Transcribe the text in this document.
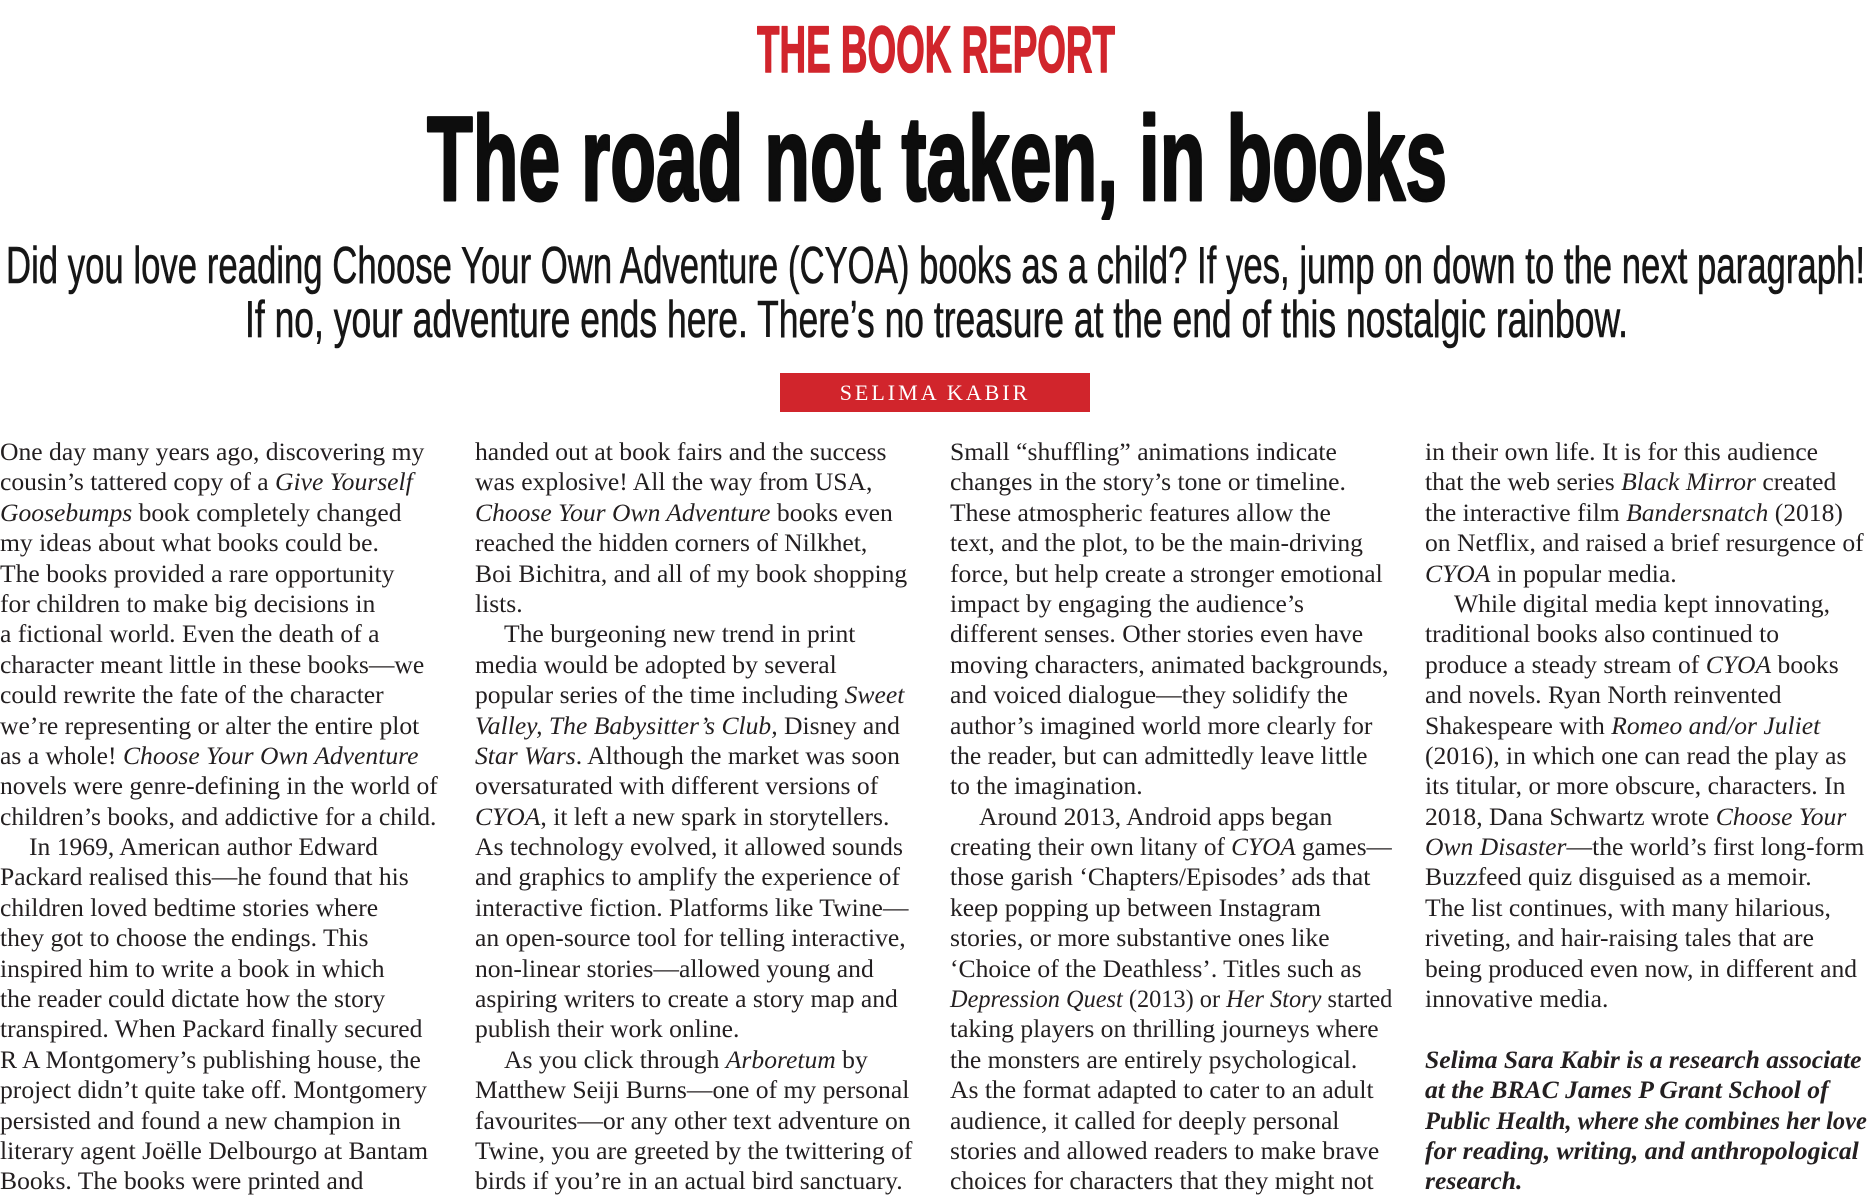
THE BOOK REPORT
The road not taken, in books
Did you love reading Choose Your Own Adventure (CYOA) books as a child? If yes, jump on down to the next paragraph!
If no, your adventure ends here. There’s no treasure at the end of this nostalgic rainbow.
SELIMA KABIR
One day many years ago, discovering my
cousin’s tattered copy of a Give Yourself
Goosebumps book completely changed
my ideas about what books could be.
The books provided a rare opportunity
for children to make big decisions in
a fictional world. Even the death of a
character meant little in these books—we
could rewrite the fate of the character
we’re representing or alter the entire plot
as a whole! Choose Your Own Adventure
novels were genre-defining in the world of
children’s books, and addictive for a child.
In 1969, American author Edward
Packard realised this—he found that his
children loved bedtime stories where
they got to choose the endings. This
inspired him to write a book in which
the reader could dictate how the story
transpired. When Packard finally secured
R A Montgomery’s publishing house, the
project didn’t quite take off. Montgomery
persisted and found a new champion in
literary agent Joëlle Delbourgo at Bantam
Books. The books were printed and
handed out at book fairs and the success
was explosive! All the way from USA,
Choose Your Own Adventure books even
reached the hidden corners of Nilkhet,
Boi Bichitra, and all of my book shopping
lists.
The burgeoning new trend in print
media would be adopted by several
popular series of the time including Sweet
Valley, The Babysitter’s Club, Disney and
Star Wars. Although the market was soon
oversaturated with different versions of
CYOA, it left a new spark in storytellers.
As technology evolved, it allowed sounds
and graphics to amplify the experience of
interactive fiction. Platforms like Twine—
an open-source tool for telling interactive,
non-linear stories—allowed young and
aspiring writers to create a story map and
publish their work online.
As you click through Arboretum by
Matthew Seiji Burns—one of my personal
favourites—or any other text adventure on
Twine, you are greeted by the twittering of
birds if you’re in an actual bird sanctuary.
Small “shuffling” animations indicate
changes in the story’s tone or timeline.
These atmospheric features allow the
text, and the plot, to be the main-driving
force, but help create a stronger emotional
impact by engaging the audience’s
different senses. Other stories even have
moving characters, animated backgrounds,
and voiced dialogue—they solidify the
author’s imagined world more clearly for
the reader, but can admittedly leave little
to the imagination.
Around 2013, Android apps began
creating their own litany of CYOA games—
those garish ‘Chapters/Episodes’ ads that
keep popping up between Instagram
stories, or more substantive ones like
‘Choice of the Deathless’. Titles such as
Depression Quest (2013) or Her Story started
taking players on thrilling journeys where
the monsters are entirely psychological.
As the format adapted to cater to an adult
audience, it called for deeply personal
stories and allowed readers to make brave
choices for characters that they might not
in their own life. It is for this audience
that the web series Black Mirror created
the interactive film Bandersnatch (2018)
on Netflix, and raised a brief resurgence of
CYOA in popular media.
While digital media kept innovating,
traditional books also continued to
produce a steady stream of CYOA books
and novels. Ryan North reinvented
Shakespeare with Romeo and/or Juliet
(2016), in which one can read the play as
its titular, or more obscure, characters. In
2018, Dana Schwartz wrote Choose Your
Own Disaster—the world’s first long-form
Buzzfeed quiz disguised as a memoir.
The list continues, with many hilarious,
riveting, and hair-raising tales that are
being produced even now, in different and
innovative media.
Selima Sara Kabir is a research associate
at the BRAC James P Grant School of
Public Health, where she combines her love
for reading, writing, and anthropological
research.
